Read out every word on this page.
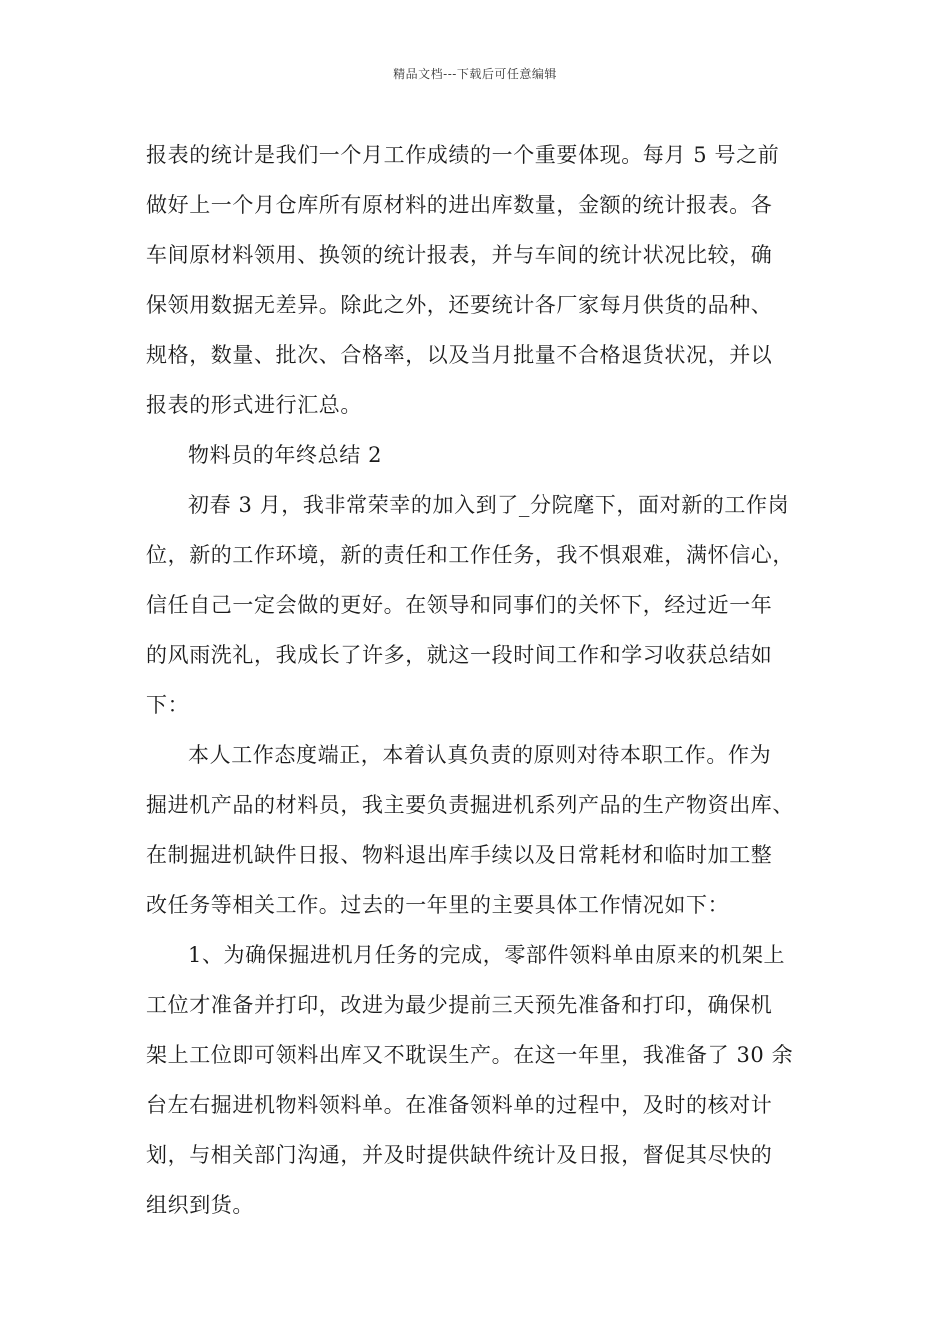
精品文档---下载后可任意编辑
报表的统计是我们一个月工作成绩的一个重要体现。每月 5 号之前
做好上一个月仓库所有原材料的进出库数量，金额的统计报表。各
车间原材料领用、换领的统计报表，并与车间的统计状况比较，确
保领用数据无差异。除此之外，还要统计各厂家每月供货的品种、
规格，数量、批次、合格率，以及当月批量不合格退货状况，并以
报表的形式进行汇总。
物料员的年终总结 2
初春 3 月，我非常荣幸的加入到了_分院麾下，面对新的工作岗
位，新的工作环境，新的责任和工作任务，我不惧艰难，满怀信心，
信任自己一定会做的更好。在领导和同事们的关怀下，经过近一年
的风雨洗礼，我成长了许多，就这一段时间工作和学习收获总结如
下：
本人工作态度端正，本着认真负责的原则对待本职工作。作为
掘进机产品的材料员，我主要负责掘进机系列产品的生产物资出库、
在制掘进机缺件日报、物料退出库手续以及日常耗材和临时加工整
改任务等相关工作。过去的一年里的主要具体工作情况如下：
1、为确保掘进机月任务的完成，零部件领料单由原来的机架上
工位才准备并打印，改进为最少提前三天预先准备和打印，确保机
架上工位即可领料出库又不耽误生产。在这一年里，我准备了 30 余
台左右掘进机物料领料单。在准备领料单的过程中，及时的核对计
划，与相关部门沟通，并及时提供缺件统计及日报，督促其尽快的
组织到货。
